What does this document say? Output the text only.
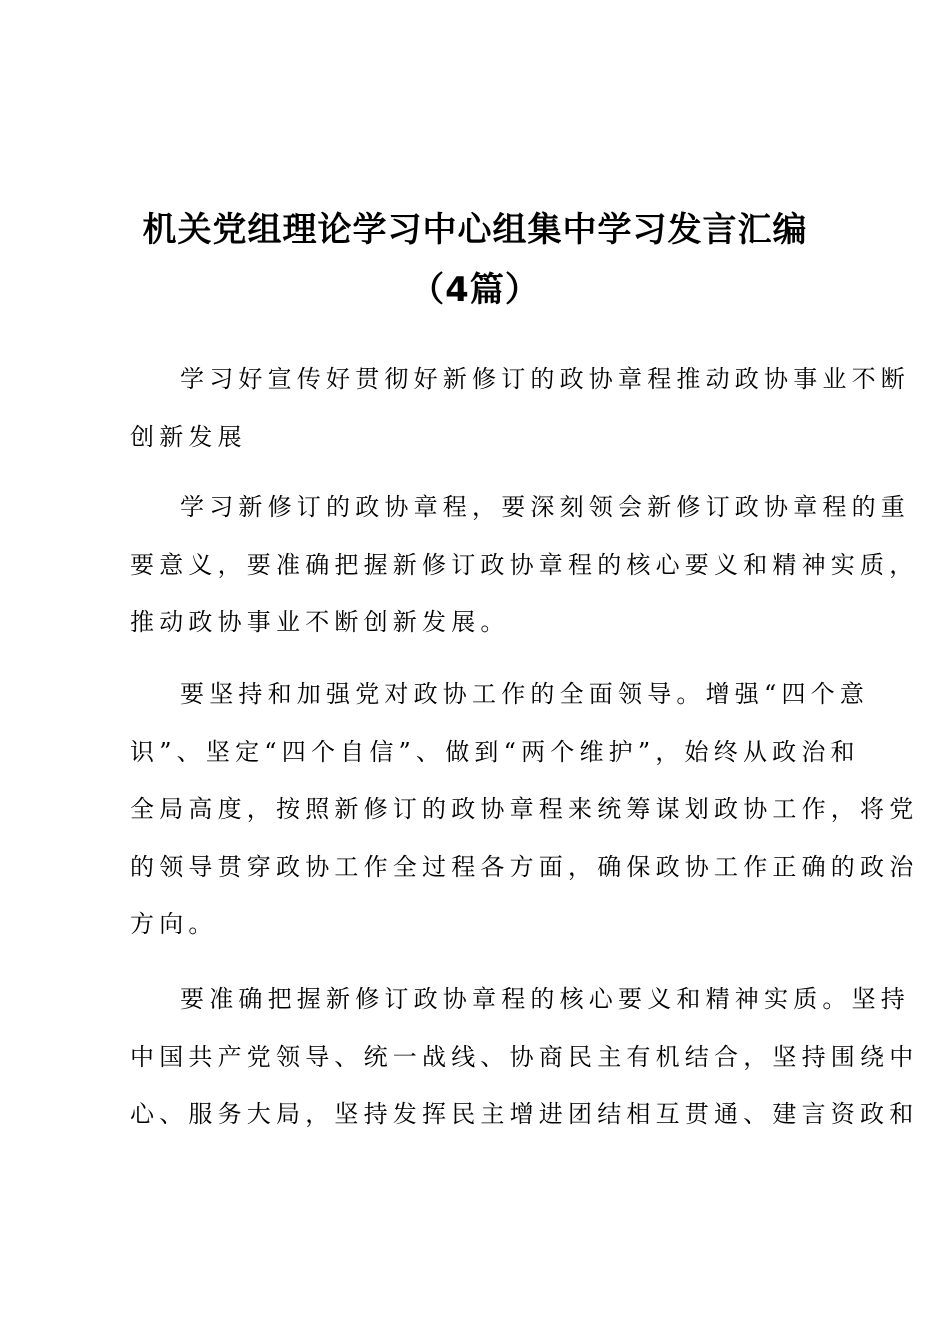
机关党组理论学习中心组集中学习发言汇编
（4篇）
学习好宣传好贯彻好新修订的政协章程推动政协事业不断
创新发展
学习新修订的政协章程，要深刻领会新修订政协章程的重
要意义，要准确把握新修订政协章程的核心要义和精神实质，
推动政协事业不断创新发展。
要坚持和加强党对政协工作的全面领导。增强“四个意
识”、坚定“四个自信”、做到“两个维护”，始终从政治和
全局高度，按照新修订的政协章程来统筹谋划政协工作，将党
的领导贯穿政协工作全过程各方面，确保政协工作正确的政治
方向。
要准确把握新修订政协章程的核心要义和精神实质。坚持
中国共产党领导、统一战线、协商民主有机结合，坚持围绕中
心、服务大局，坚持发挥民主增进团结相互贯通、建言资政和
